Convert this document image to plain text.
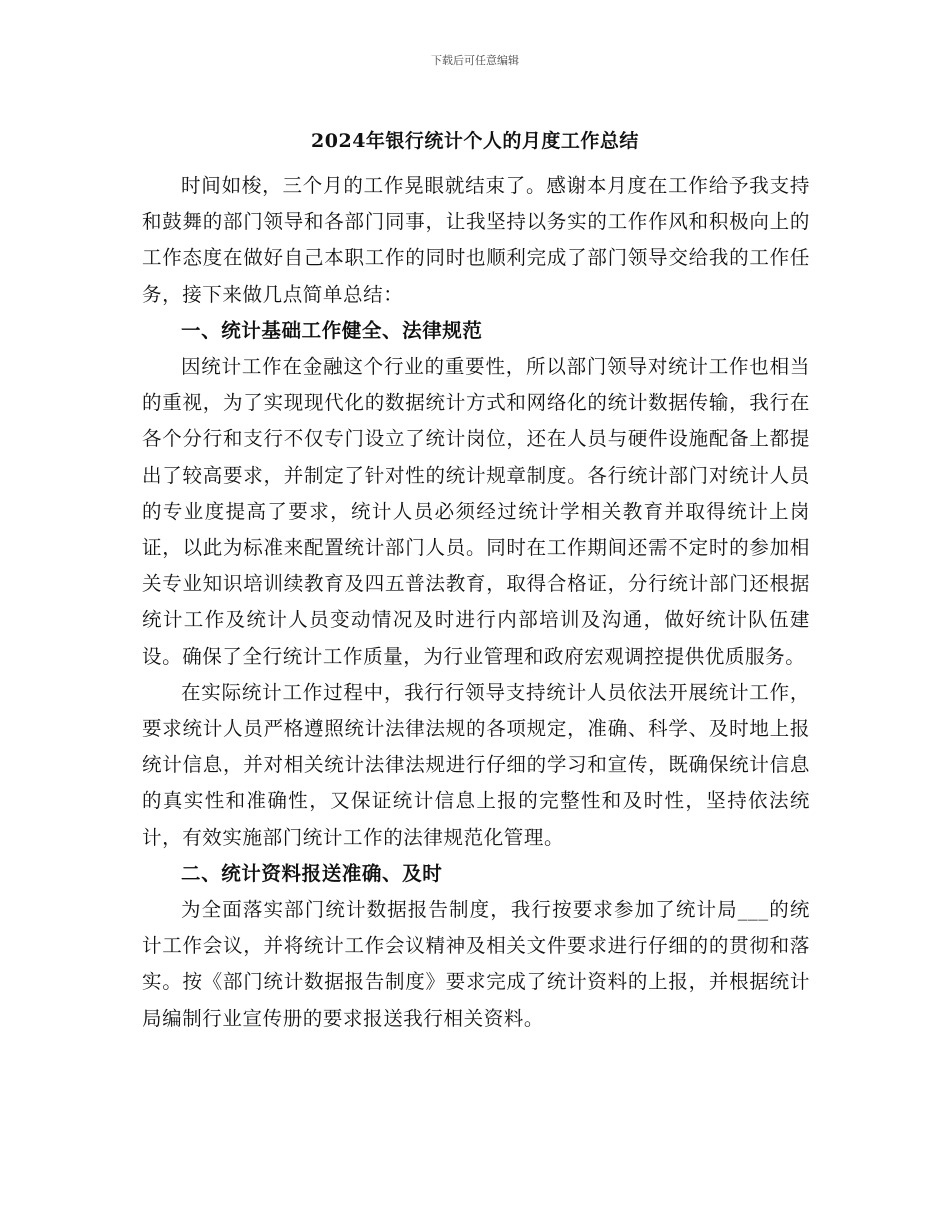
下载后可任意编辑
2024年银行统计个人的月度工作总结

时间如梭，三个月的工作晃眼就结束了。感谢本月度在工作给予我支持和鼓舞的部门领导和各部门同事，让我坚持以务实的工作作风和积极向上的工作态度在做好自己本职工作的同时也顺利完成了部门领导交给我的工作任务，接下来做几点简单总结：

一、统计基础工作健全、法律规范

因统计工作在金融这个行业的重要性，所以部门领导对统计工作也相当的重视，为了实现现代化的数据统计方式和网络化的统计数据传输，我行在各个分行和支行不仅专门设立了统计岗位，还在人员与硬件设施配备上都提出了较高要求，并制定了针对性的统计规章制度。各行统计部门对统计人员的专业度提高了要求，统计人员必须经过统计学相关教育并取得统计上岗证，以此为标准来配置统计部门人员。同时在工作期间还需不定时的参加相关专业知识培训续教育及四五普法教育，取得合格证，分行统计部门还根据统计工作及统计人员变动情况及时进行内部培训及沟通，做好统计队伍建设。确保了全行统计工作质量，为行业管理和政府宏观调控提供优质服务。

在实际统计工作过程中，我行行领导支持统计人员依法开展统计工作，要求统计人员严格遵照统计法律法规的各项规定，准确、科学、及时地上报统计信息，并对相关统计法律法规进行仔细的学习和宣传，既确保统计信息的真实性和准确性，又保证统计信息上报的完整性和及时性，坚持依法统计，有效实施部门统计工作的法律规范化管理。

二、统计资料报送准确、及时

为全面落实部门统计数据报告制度，我行按要求参加了统计局___的统计工作会议，并将统计工作会议精神及相关文件要求进行仔细的的贯彻和落实。按《部门统计数据报告制度》要求完成了统计资料的上报，并根据统计局编制行业宣传册的要求报送我行相关资料。
